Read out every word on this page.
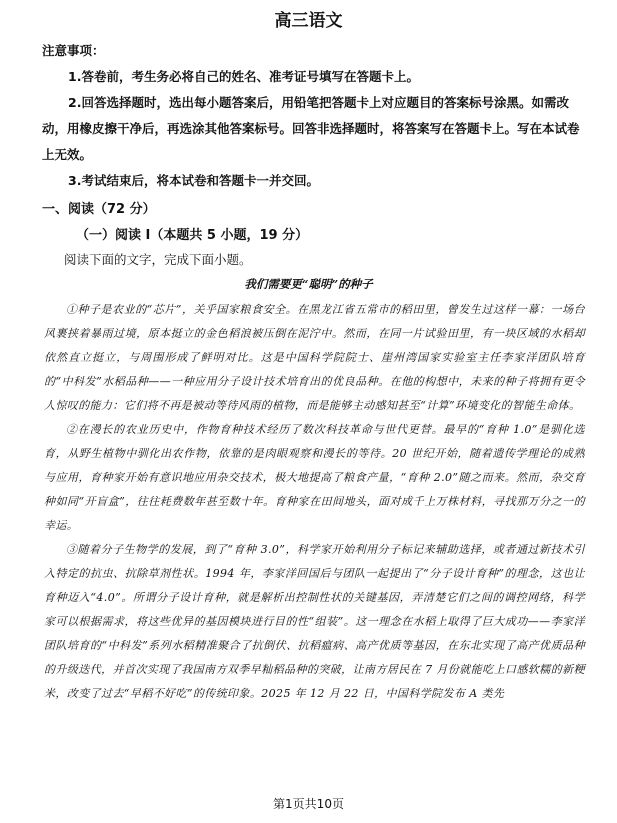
高三语文
注意事项：
1.答卷前，考生务必将自己的姓名、准考证号填写在答题卡上。
2.回答选择题时，选出每小题答案后，用铅笔把答题卡上对应题目的答案标号涂黑。如需改动，用橡皮擦干净后，再选涂其他答案标号。回答非选择题时，将答案写在答题卡上。写在本试卷上无效。
3.考试结束后，将本试卷和答题卡一并交回。
一、阅读（72 分）
（一）阅读 I（本题共 5 小题，19 分）
阅读下面的文字，完成下面小题。
我们需要更“聪明”的种子

①种子是农业的“芯片”，关乎国家粮食安全。在黑龙江省五常市的稻田里，曾发生过这样一幕：一场台风裹挟着暴雨过境，原本挺立的金色稻浪被压倒在泥泞中。然而，在同一片试验田里，有一块区域的水稻却依然直立挺立，与周围形成了鲜明对比。这是中国科学院院士、崖州湾国家实验室主任李家洋团队培育的“中科发”水稻品种——一种应用分子设计技术培育出的优良品种。在他的构想中，未来的种子将拥有更令人惊叹的能力：它们将不再是被动等待风雨的植物，而是能够主动感知甚至“计算”环境变化的智能生命体。

②在漫长的农业历史中，作物育种技术经历了数次科技革命与世代更替。最早的“育种 1.0”是驯化选育，从野生植物中驯化出农作物，依靠的是肉眼观察和漫长的等待。20 世纪开始，随着遗传学理论的成熟与应用，育种家开始有意识地应用杂交技术，极大地提高了粮食产量，“育种 2.0”随之而来。然而，杂交育种如同“开盲盒”，往往耗费数年甚至数十年。育种家在田间地头，面对成千上万株材料，寻找那万分之一的幸运。

③随着分子生物学的发展，到了“育种 3.0”，科学家开始利用分子标记来辅助选择，或者通过新技术引入特定的抗虫、抗除草剂性状。1994 年，李家洋回国后与团队一起提出了“分子设计育种”的理念，这也让育种迈入“4.0”。所谓分子设计育种，就是解析出控制性状的关键基因，弄清楚它们之间的调控网络，科学家可以根据需求，将这些优异的基因模块进行目的性“组装”。这一理念在水稻上取得了巨大成功——李家洋团队培育的“中科发”系列水稻精准聚合了抗倒伏、抗稻瘟病、高产优质等基因，在东北实现了高产优质品种的升级迭代，并首次实现了我国南方双季早籼稻品种的突破，让南方居民在 7 月份就能吃上口感软糯的新粳米，改变了过去“早稻不好吃”的传统印象。2025 年 12 月 22 日，中国科学院发布 A 类先

第1页共10页
